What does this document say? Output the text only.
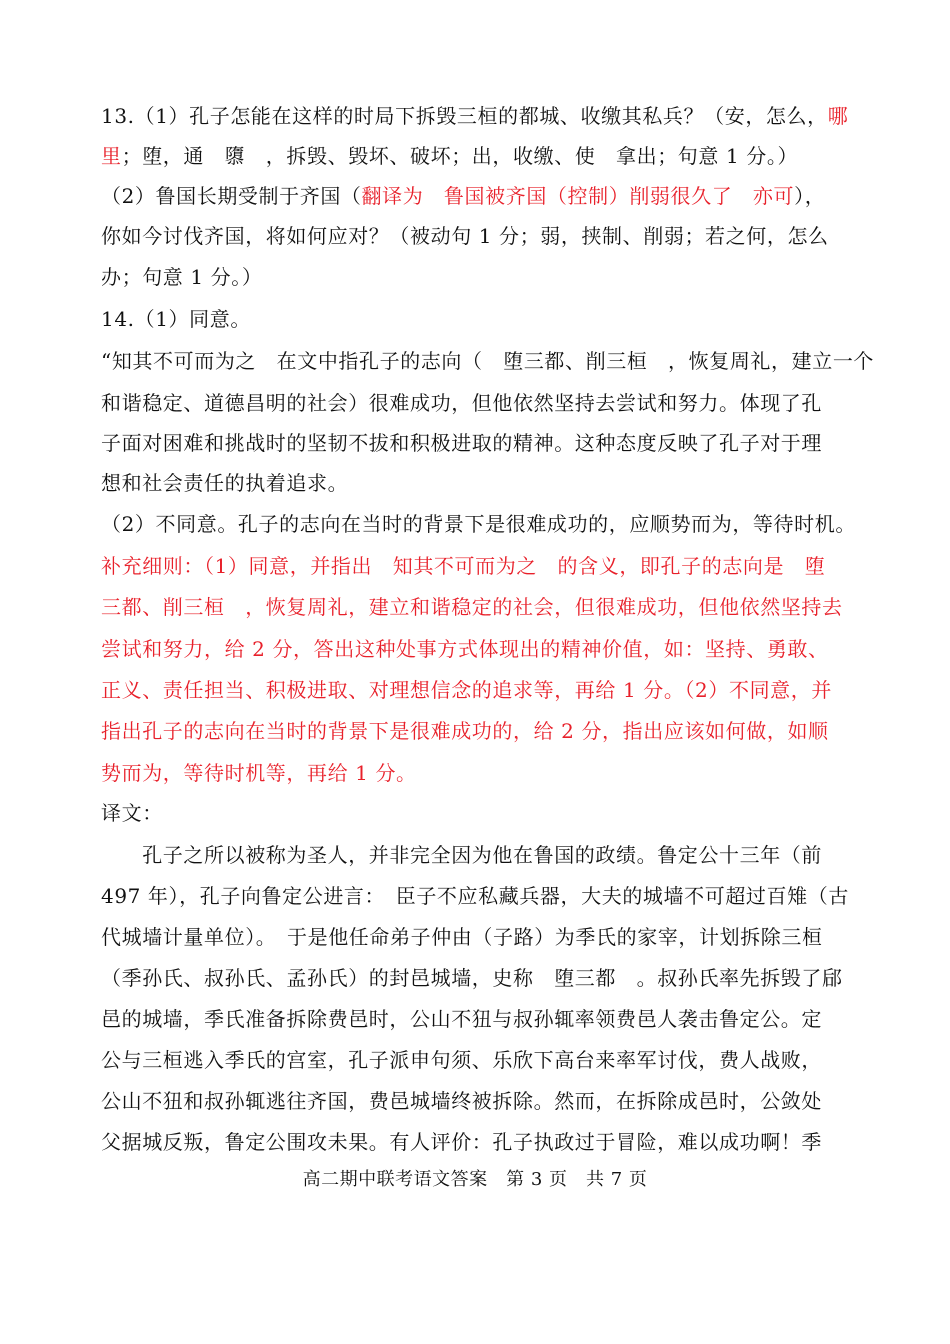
13.（1）孔子怎能在这样的时局下拆毁三桓的都城、收缴其私兵？（安，怎么，哪
里；堕，通　隳　，拆毁、毁坏、破坏；出，收缴、使　拿出；句意 1 分。）
（2）鲁国长期受制于齐国（翻译为　鲁国被齐国（控制）削弱很久了　亦可），
你如今讨伐齐国，将如何应对？（被动句 1 分；弱，挟制、削弱；若之何，怎么
办；句意 1 分。）
14.（1）同意。
“知其不可而为之　在文中指孔子的志向（　堕三都、削三桓　，恢复周礼，建立一个
和谐稳定、道德昌明的社会）很难成功，但他依然坚持去尝试和努力。体现了孔
子面对困难和挑战时的坚韧不拔和积极进取的精神。这种态度反映了孔子对于理
想和社会责任的执着追求。
（2）不同意。孔子的志向在当时的背景下是很难成功的，应顺势而为，等待时机。
补充细则：（1）同意，并指出　知其不可而为之　的含义，即孔子的志向是　堕
三都、削三桓　，恢复周礼，建立和谐稳定的社会，但很难成功，但他依然坚持去
尝试和努力，给 2 分，答出这种处事方式体现出的精神价值，如：坚持、勇敢、
正义、责任担当、积极进取、对理想信念的追求等，再给 1 分。（2）不同意，并
指出孔子的志向在当时的背景下是很难成功的，给 2 分，指出应该如何做，如顺
势而为，等待时机等，再给 1 分。
译文：
　　孔子之所以被称为圣人，并非完全因为他在鲁国的政绩。鲁定公十三年（前
497 年），孔子向鲁定公进言：　臣子不应私藏兵器，大夫的城墙不可超过百雉（古
代城墙计量单位）。　于是他任命弟子仲由（子路）为季氏的家宰，计划拆除三桓
（季孙氏、叔孙氏、孟孙氏）的封邑城墙，史称　堕三都　。叔孙氏率先拆毁了郈
邑的城墙，季氏准备拆除费邑时，公山不狃与叔孙辄率领费邑人袭击鲁定公。定
公与三桓逃入季氏的宫室，孔子派申句须、乐欣下高台来率军讨伐，费人战败，
公山不狃和叔孙辄逃往齐国，费邑城墙终被拆除。然而，在拆除成邑时，公敛处
父据城反叛，鲁定公围攻未果。有人评价：孔子执政过于冒险，难以成功啊！季
高二期中联考语文答案　第 3 页　共 7 页
